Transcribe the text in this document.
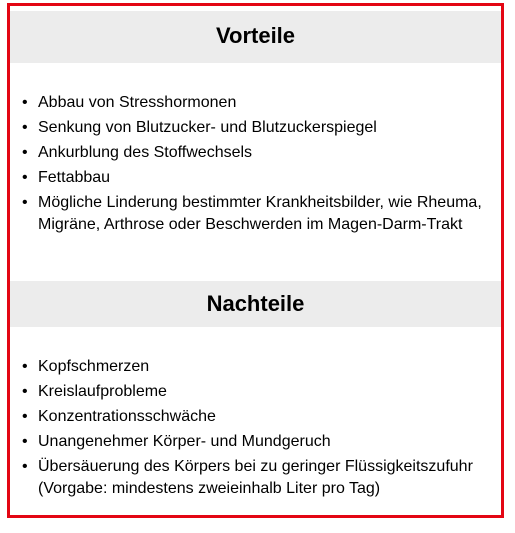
Vorteile
• Abbau von Stresshormonen
• Senkung von Blutzucker- und Blutzuckerspiegel
• Ankurblung des Stoffwechsels
• Fettabbau
• Mögliche Linderung bestimmter Krankheitsbilder, wie Rheuma, Migräne, Arthrose oder Beschwerden im Magen-Darm-Trakt
Nachteile
• Kopfschmerzen
• Kreislaufprobleme
• Konzentrationsschwäche
• Unangenehmer Körper- und Mundgeruch
• Übersäuerung des Körpers bei zu geringer Flüssigkeitszufuhr (Vorgabe: mindestens zweieinhalb Liter pro Tag)
